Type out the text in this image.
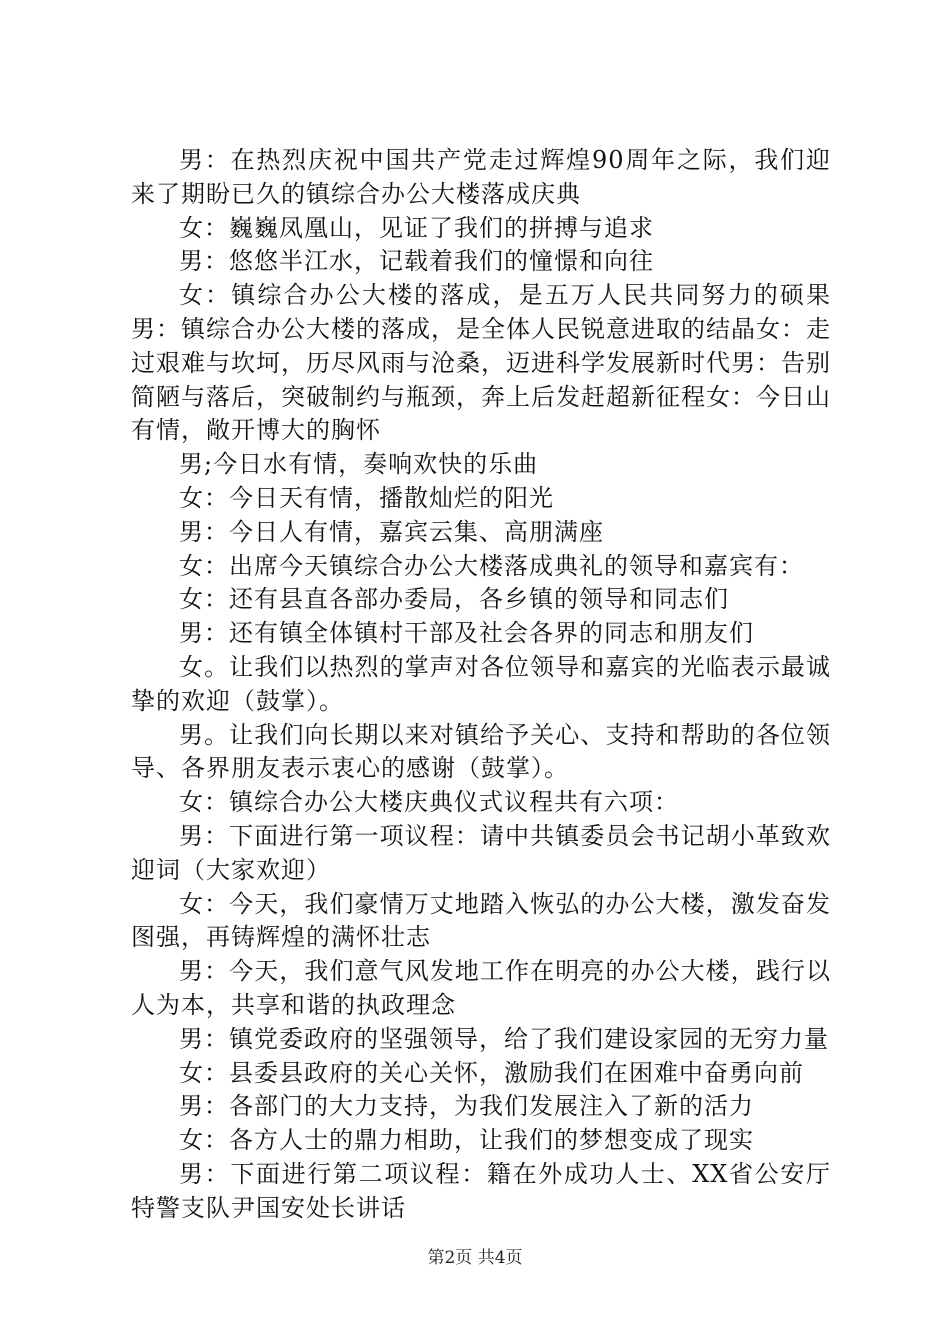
男：在热烈庆祝中国共产党走过辉煌90周年之际，我们迎来了期盼已久的镇综合办公大楼落成庆典

女：巍巍凤凰山，见证了我们的拼搏与追求

男：悠悠半江水，记载着我们的憧憬和向往

女：镇综合办公大楼的落成，是五万人民共同努力的硕果男：镇综合办公大楼的落成，是全体人民锐意进取的结晶女：走过艰难与坎坷，历尽风雨与沧桑，迈进科学发展新时代男：告别简陋与落后，突破制约与瓶颈，奔上后发赶超新征程女：今日山有情，敞开博大的胸怀

男;今日水有情，奏响欢快的乐曲

女：今日天有情，播散灿烂的阳光

男：今日人有情，嘉宾云集、高朋满座

女：出席今天镇综合办公大楼落成典礼的领导和嘉宾有：

女：还有县直各部办委局，各乡镇的领导和同志们

男：还有镇全体镇村干部及社会各界的同志和朋友们

女。让我们以热烈的掌声对各位领导和嘉宾的光临表示最诚挚的欢迎（鼓掌）。

男。让我们向长期以来对镇给予关心、支持和帮助的各位领导、各界朋友表示衷心的感谢（鼓掌）。

女：镇综合办公大楼庆典仪式议程共有六项：

男：下面进行第一项议程：请中共镇委员会书记胡小革致欢迎词（大家欢迎）

女：今天，我们豪情万丈地踏入恢弘的办公大楼，激发奋发图强，再铸辉煌的满怀壮志

男：今天，我们意气风发地工作在明亮的办公大楼，践行以人为本，共享和谐的执政理念

男：镇党委政府的坚强领导，给了我们建设家园的无穷力量

女：县委县政府的关心关怀，激励我们在困难中奋勇向前

男：各部门的大力支持，为我们发展注入了新的活力

女：各方人士的鼎力相助，让我们的梦想变成了现实

男：下面进行第二项议程：籍在外成功人士、XX省公安厅特警支队尹国安处长讲话

第2页 共4页
